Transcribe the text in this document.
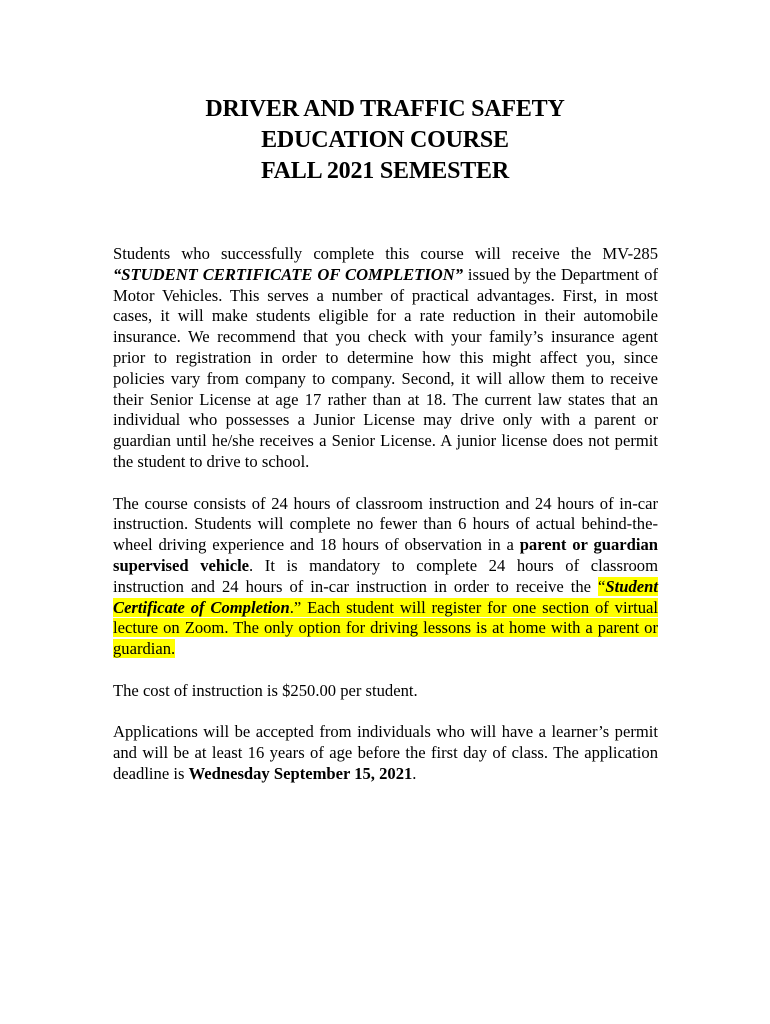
DRIVER AND TRAFFIC SAFETY
EDUCATION COURSE
FALL 2021 SEMESTER

Students who successfully complete this course will receive the MV-285 “STUDENT CERTIFICATE OF COMPLETION” issued by the Department of Motor Vehicles. This serves a number of practical advantages. First, in most cases, it will make students eligible for a rate reduction in their automobile insurance. We recommend that you check with your family’s insurance agent prior to registration in order to determine how this might affect you, since policies vary from company to company. Second, it will allow them to receive their Senior License at age 17 rather than at 18. The current law states that an individual who possesses a Junior License may drive only with a parent or guardian until he/she receives a Senior License. A junior license does not permit the student to drive to school.

The course consists of 24 hours of classroom instruction and 24 hours of in-car instruction. Students will complete no fewer than 6 hours of actual behind-the-wheel driving experience and 18 hours of observation in a parent or guardian supervised vehicle. It is mandatory to complete 24 hours of classroom instruction and 24 hours of in-car instruction in order to receive the “Student Certificate of Completion.” Each student will register for one section of virtual lecture on Zoom. The only option for driving lessons is at home with a parent or guardian.

The cost of instruction is $250.00 per student.

Applications will be accepted from individuals who will have a learner’s permit and will be at least 16 years of age before the first day of class. The application deadline is Wednesday September 15, 2021.
